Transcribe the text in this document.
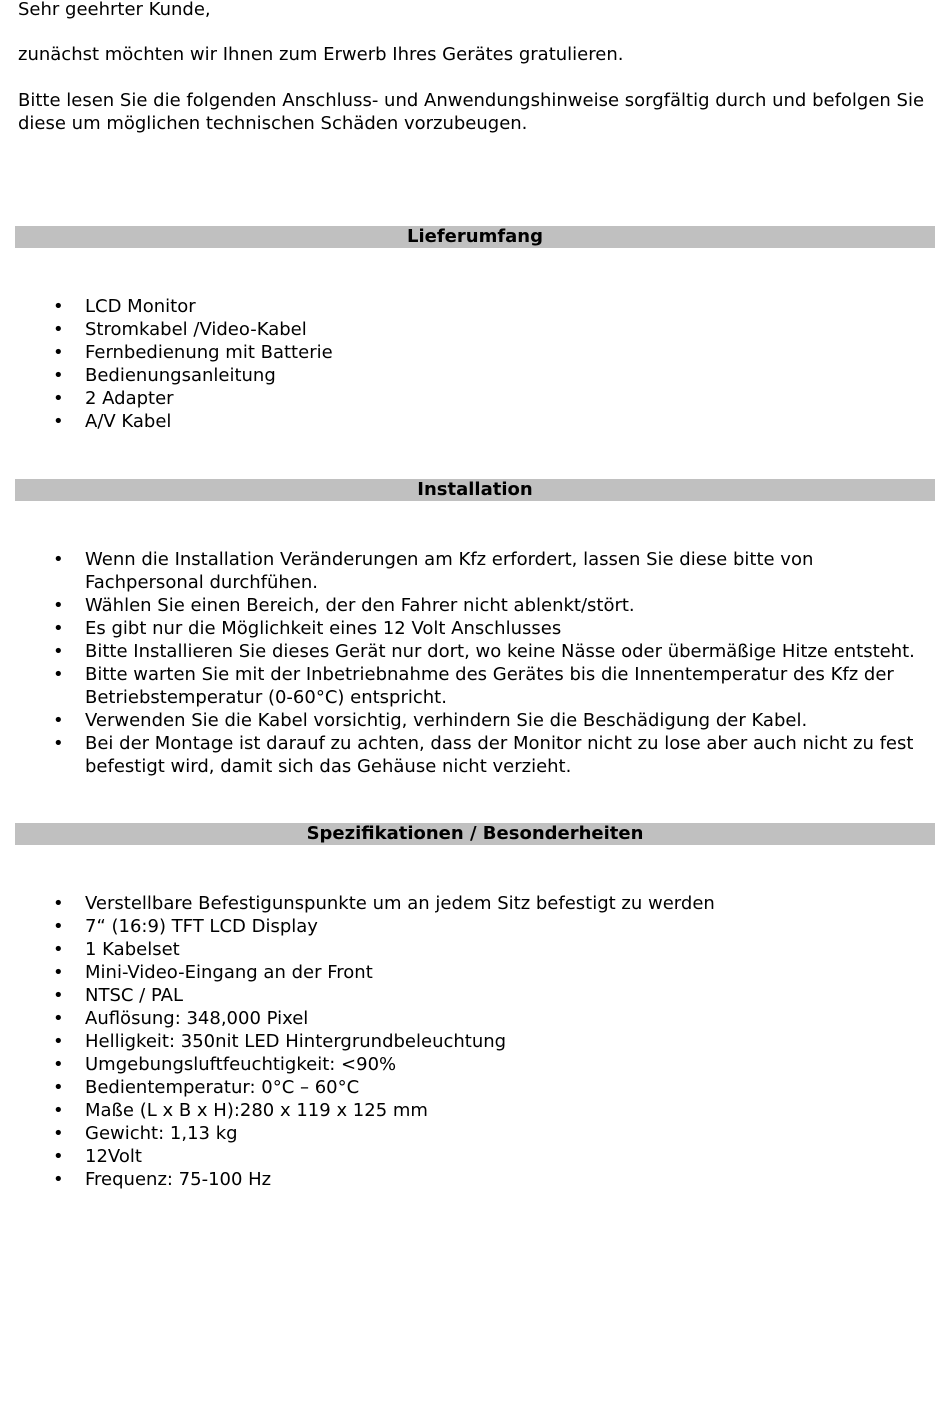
Sehr geehrter Kunde,

zunächst möchten wir Ihnen zum Erwerb Ihres Gerätes gratulieren.

Bitte lesen Sie die folgenden Anschluss- und Anwendungshinweise sorgfältig durch und befolgen Sie diese um möglichen technischen Schäden vorzubeugen.

Lieferumfang
• LCD Monitor
• Stromkabel /Video-Kabel
• Fernbedienung mit Batterie
• Bedienungsanleitung
• 2 Adapter
• A/V Kabel
Installation
• Wenn die Installation Veränderungen am Kfz erfordert, lassen Sie diese bitte von Fachpersonal durchfühen.
• Wählen Sie einen Bereich, der den Fahrer nicht ablenkt/stört.
• Es gibt nur die Möglichkeit eines 12 Volt Anschlusses
• Bitte Installieren Sie dieses Gerät nur dort, wo keine Nässe oder übermäßige Hitze entsteht.
• Bitte warten Sie mit der Inbetriebnahme des Gerätes bis die Innentemperatur des Kfz der Betriebstemperatur (0-60°C) entspricht.
• Verwenden Sie die Kabel vorsichtig, verhindern Sie die Beschädigung der Kabel.
• Bei der Montage ist darauf zu achten, dass der Monitor nicht zu lose aber auch nicht zu fest befestigt wird, damit sich das Gehäuse nicht verzieht.
Spezifikationen / Besonderheiten
• Verstellbare Befestigunspunkte um an jedem Sitz befestigt zu werden
• 7“ (16:9) TFT LCD Display
• 1 Kabelset
• Mini-Video-Eingang an der Front
• NTSC / PAL
• Auflösung: 348,000 Pixel
• Helligkeit: 350nit LED Hintergrundbeleuchtung
• Umgebungsluftfeuchtigkeit: <90%
• Bedientemperatur: 0°C – 60°C
• Maße (L x B x H):280 x 119 x 125 mm
• Gewicht: 1,13 kg
• 12Volt
• Frequenz: 75-100 Hz
